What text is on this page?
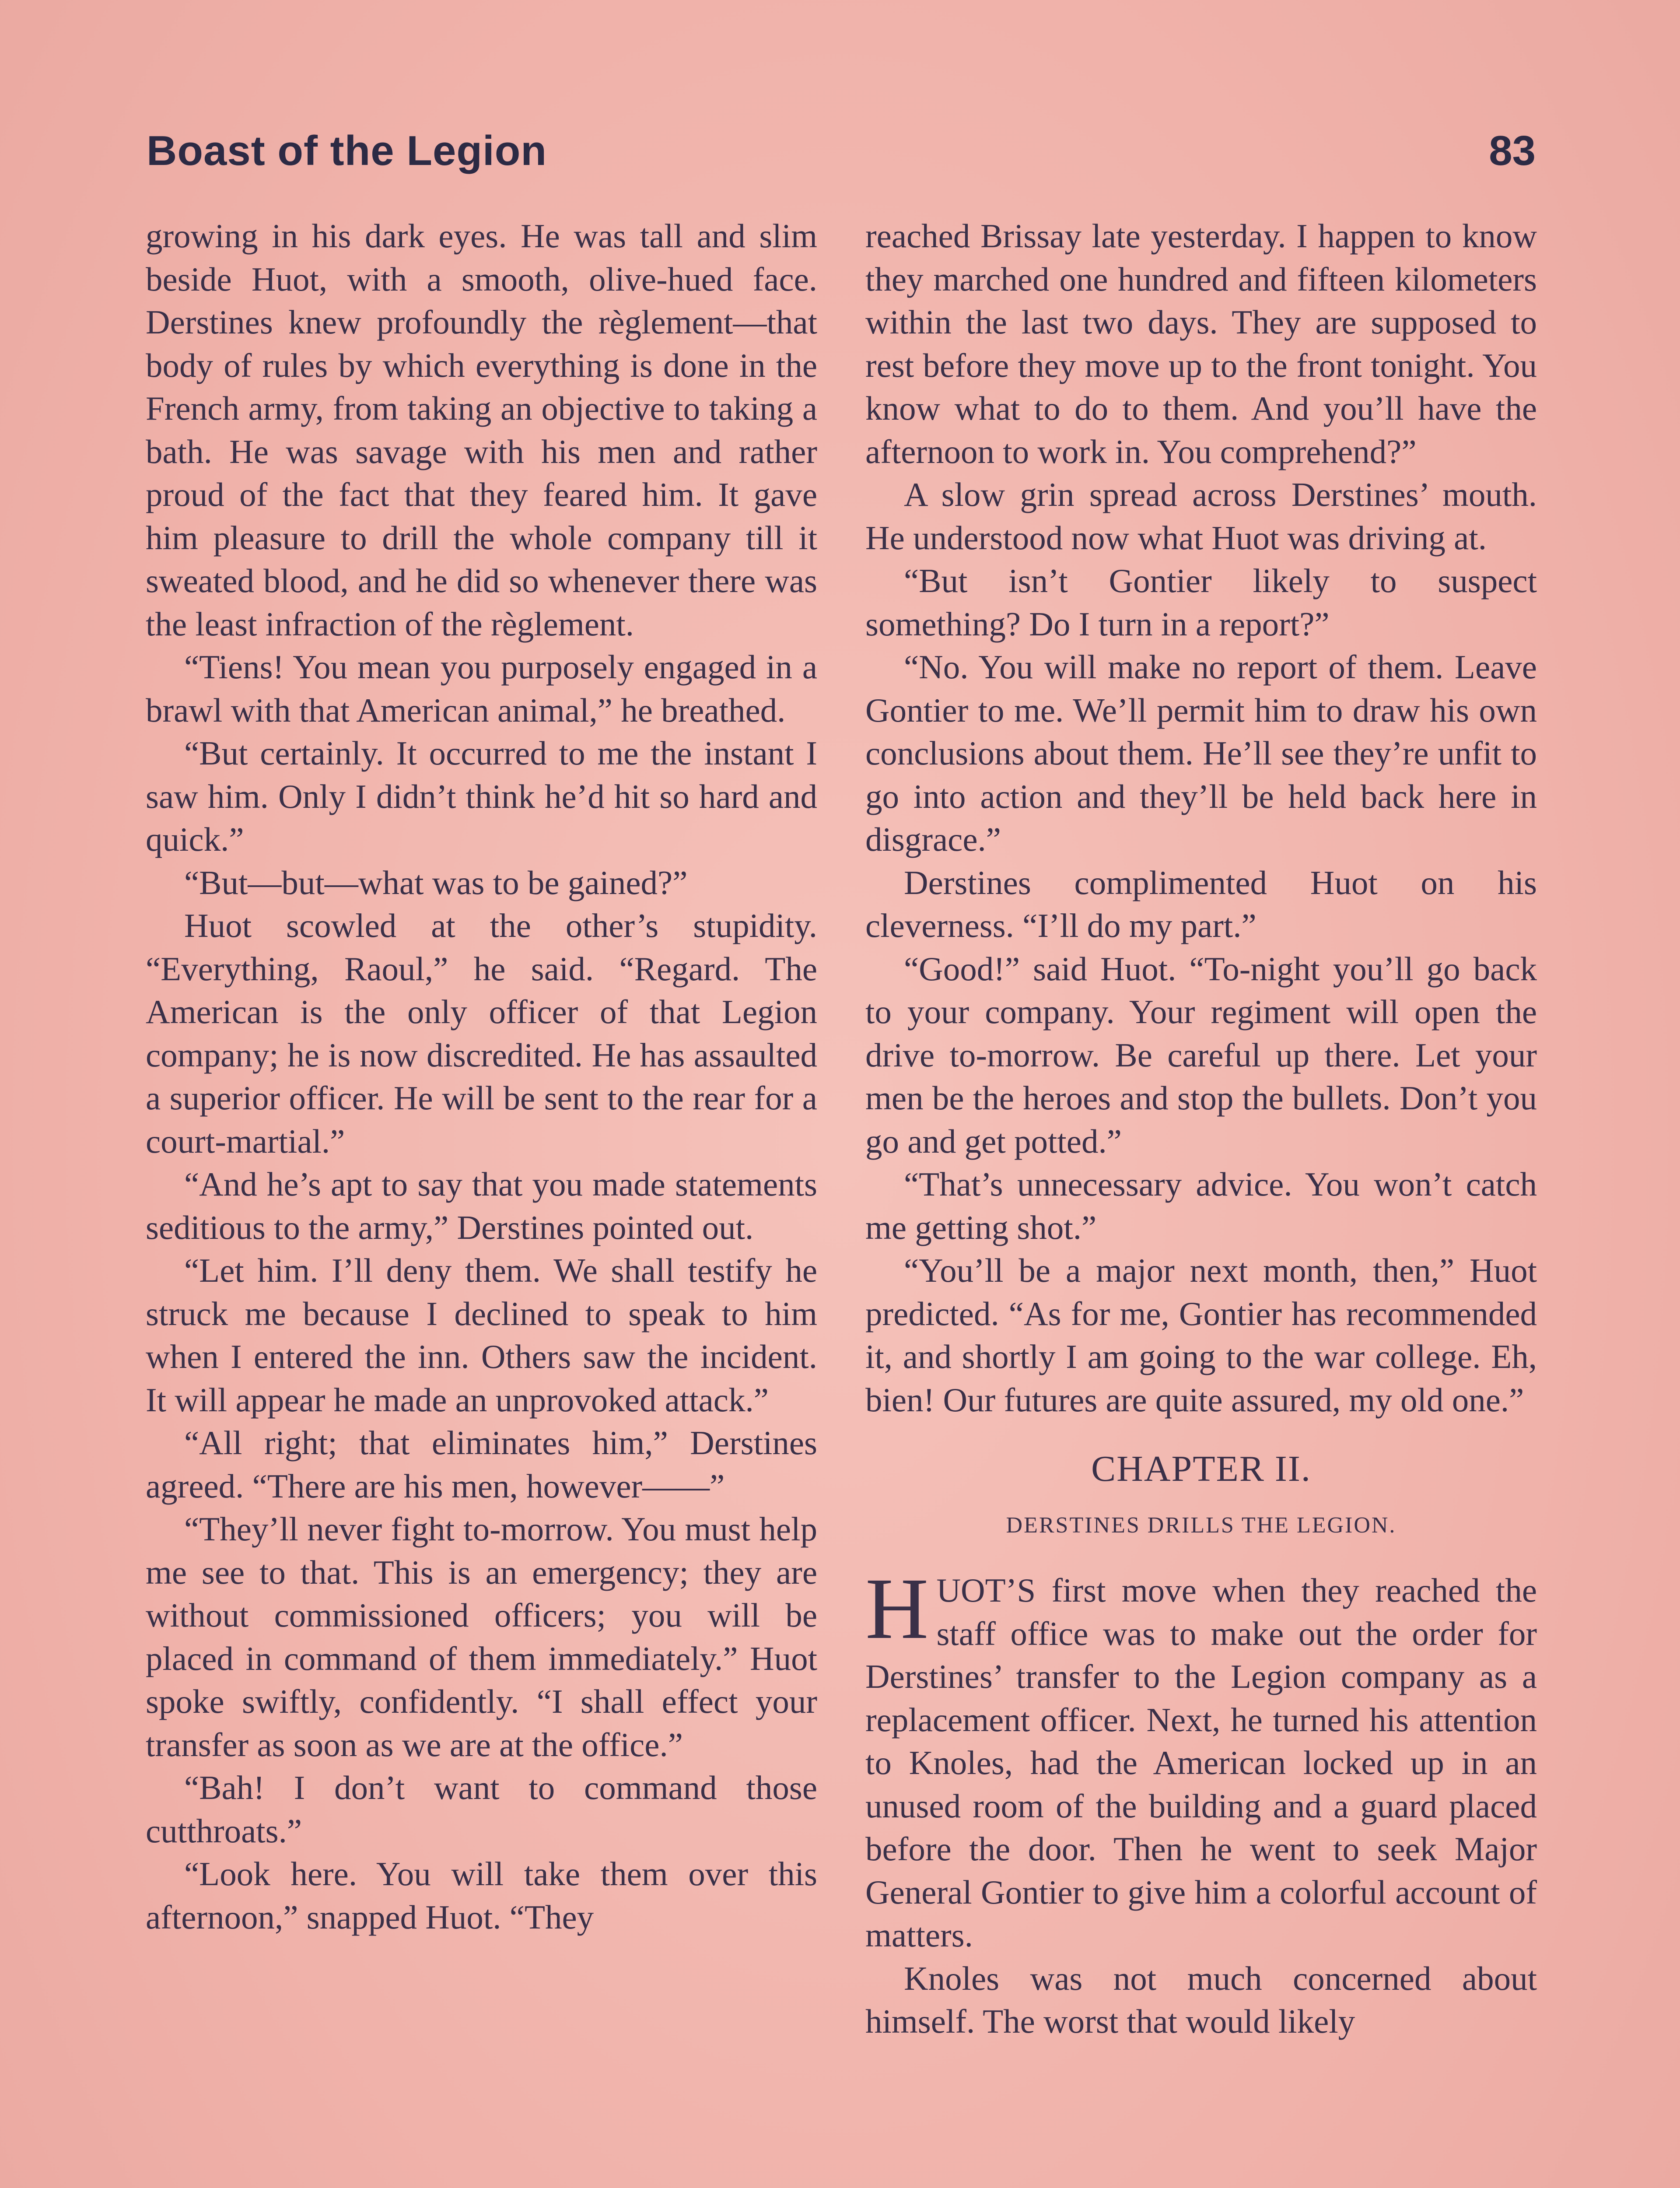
Boast of the Legion	83

growing in his dark eyes. He was tall and slim beside Huot, with a smooth, olive-hued face. Derstines knew profoundly the règlement—that body of rules by which everything is done in the French army, from taking an objective to taking a bath. He was savage with his men and rather proud of the fact that they feared him. It gave him pleasure to drill the whole company till it sweated blood, and he did so whenever there was the least infraction of the règlement.

“Tiens! You mean you purposely engaged in a brawl with that American animal,” he breathed.

“But certainly. It occurred to me the instant I saw him. Only I didn’t think he’d hit so hard and quick.”

“But—but—what was to be gained?”

Huot scowled at the other’s stupidity. “Everything, Raoul,” he said. “Regard. The American is the only officer of that Legion company; he is now discredited. He has assaulted a superior officer. He will be sent to the rear for a court-martial.”

“And he’s apt to say that you made statements seditious to the army,” Derstines pointed out.

“Let him. I’ll deny them. We shall testify he struck me because I declined to speak to him when I entered the inn. Others saw the incident. It will appear he made an unprovoked attack.”

“All right; that eliminates him,” Derstines agreed. “There are his men, however——”

“They’ll never fight to-morrow. You must help me see to that. This is an emergency; they are without commissioned officers; you will be placed in command of them immediately.” Huot spoke swiftly, confidently. “I shall effect your transfer as soon as we are at the office.”

“Bah! I don’t want to command those cutthroats.”

“Look here. You will take them over this afternoon,” snapped Huot. “They

reached Brissay late yesterday. I happen to know they marched one hundred and fifteen kilometers within the last two days. They are supposed to rest before they move up to the front tonight. You know what to do to them. And you’ll have the afternoon to work in. You comprehend?”

A slow grin spread across Derstines’ mouth. He understood now what Huot was driving at.

“But isn’t Gontier likely to suspect something? Do I turn in a report?”

“No. You will make no report of them. Leave Gontier to me. We’ll permit him to draw his own conclusions about them. He’ll see they’re unfit to go into action and they’ll be held back here in disgrace.”

Derstines complimented Huot on his cleverness. “I’ll do my part.”

“Good!” said Huot. “To-night you’ll go back to your company. Your regiment will open the drive to-morrow. Be careful up there. Let your men be the heroes and stop the bullets. Don’t you go and get potted.”

“That’s unnecessary advice. You won’t catch me getting shot.”

“You’ll be a major next month, then,” Huot predicted. “As for me, Gontier has recommended it, and shortly I am going to the war college. Eh, bien! Our futures are quite assured, my old one.”

CHAPTER II.
DERSTINES DRILLS THE LEGION.

HUOT’S first move when they reached the staff office was to make out the order for Derstines’ transfer to the Legion company as a replacement officer. Next, he turned his attention to Knoles, had the American locked up in an unused room of the building and a guard placed before the door. Then he went to seek Major General Gontier to give him a colorful account of matters.

Knoles was not much concerned about himself. The worst that would likely
